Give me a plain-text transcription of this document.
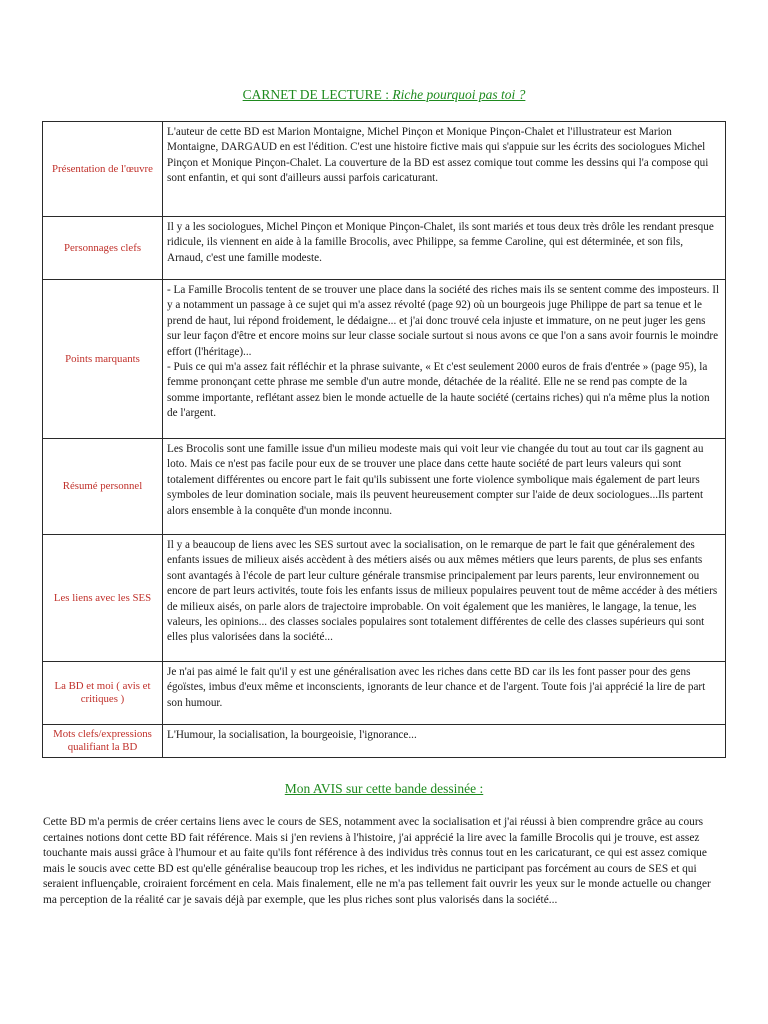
CARNET DE LECTURE : Riche pourquoi pas toi ?
Présentation de l'œuvre	L'auteur de cette BD est Marion Montaigne, Michel Pinçon et Monique Pinçon-Chalet et l'illustrateur est Marion Montaigne, DARGAUD en est l'édition. C'est une histoire fictive mais qui s'appuie sur les écrits des sociologues Michel Pinçon et Monique Pinçon-Chalet. La couverture de la BD est assez comique tout comme les dessins qui l'a compose qui sont enfantin, et qui sont d'ailleurs aussi parfois caricaturant.

Personnages clefs	Il y a les sociologues, Michel Pinçon et Monique Pinçon-Chalet, ils sont mariés et tous deux très drôle les rendant presque ridicule, ils viennent en aide à la famille Brocolis, avec Philippe, sa femme Caroline, qui est déterminée, et son fils, Arnaud, c'est une famille modeste.

Points marquants	- La Famille Brocolis tentent de se trouver une place dans la société des riches mais ils se sentent comme des imposteurs. Il y a notamment un passage à ce sujet qui m'a assez révolté (page 92) où un bourgeois juge Philippe de part sa tenue et le prend de haut, lui répond froidement, le dédaigne... et j'ai donc trouvé cela injuste et immature, on ne peut juger les gens sur leur façon d'être et encore moins sur leur classe sociale surtout si nous avons ce que l'on a sans avoir fournis le moindre effort (l'héritage)...
- Puis ce qui m'a assez fait réfléchir et la phrase suivante, « Et c'est seulement 2000 euros de frais d'entrée » (page 95), la femme prononçant cette phrase me semble d'un autre monde, détachée de la réalité. Elle ne se rend pas compte de la somme importante, reflétant assez bien le monde actuelle de la haute société (certains riches) qui n'a même plus la notion de l'argent.

Résumé personnel	Les Brocolis sont une famille issue d'un milieu modeste mais qui voit leur vie changée du tout au tout car ils gagnent au loto. Mais ce n'est pas facile pour eux de se trouver une place dans cette haute société de part leurs valeurs qui sont totalement différentes ou encore part le fait qu'ils subissent une forte violence symbolique mais également de part leurs symboles de leur domination sociale, mais ils peuvent heureusement compter sur l'aide de deux sociologues...Ils partent alors ensemble à la conquête d'un monde inconnu.

Les liens avec les SES	Il y a beaucoup de liens avec les SES surtout avec la socialisation, on le remarque de part le fait que généralement des enfants issues de milieux aisés accèdent à des métiers aisés ou aux mêmes métiers que leurs parents, de plus ses enfants sont avantagés à l'école de part leur culture générale transmise principalement par leurs parents, leur environnement ou encore de part leurs activités, toute fois les enfants issus de milieux populaires peuvent tout de même accéder à des métiers de milieux aisés, on parle alors de trajectoire improbable. On voit également que les manières, le langage, la tenue, les valeurs, les opinions... des classes sociales populaires sont totalement différentes de celle des classes supérieurs qui sont elles plus valorisées dans la société...

La BD et moi ( avis et critiques )	Je n'ai pas aimé le fait qu'il y est une généralisation avec les riches dans cette BD car ils les font passer pour des gens égoïstes, imbus d'eux même et inconscients, ignorants de leur chance et de l'argent. Toute fois j'ai apprécié la lire de part son humour.

Mots clefs/expressions qualifiant la BD	L'Humour, la socialisation, la bourgeoisie, l'ignorance...
Mon AVIS sur cette bande dessinée :
Cette BD m'a permis de créer certains liens avec le cours de SES, notamment avec la socialisation et j'ai réussi à bien comprendre grâce au cours certaines notions dont cette BD fait référence. Mais si j'en reviens à l'histoire, j'ai apprécié la lire avec la famille Brocolis qui je trouve, est assez touchante mais aussi grâce à l'humour et au faite qu'ils font référence à des individus très connus tout en les caricaturant, ce qui est assez comique mais le soucis avec cette BD est qu'elle généralise beaucoup trop les riches, et les individus ne participant pas forcément au cours de SES et qui seraient influençable, croiraient forcément en cela. Mais finalement, elle ne m'a pas tellement fait ouvrir les yeux sur le monde actuelle ou changer ma perception de la réalité car je savais déjà par exemple, que les plus riches sont plus valorisés dans la société...
